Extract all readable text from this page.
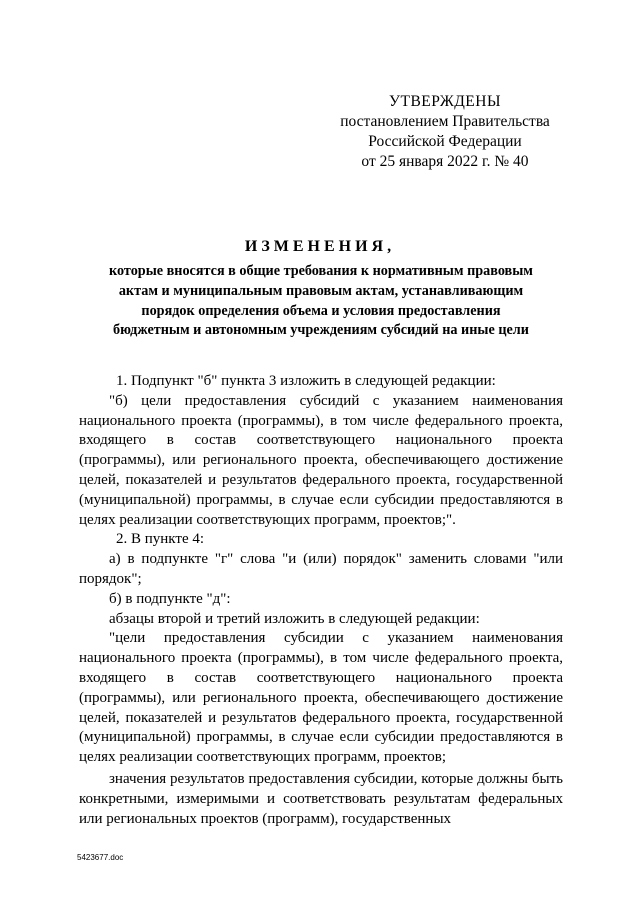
УТВЕРЖДЕНЫ
постановлением Правительства
Российской Федерации
от 25 января 2022 г. № 40
ИЗМЕНЕНИЯ,
которые вносятся в общие требования к нормативным правовым
актам и муниципальным правовым актам, устанавливающим
порядок определения объема и условия предоставления
бюджетным и автономным учреждениям субсидий на иные цели

1. Подпункт "б" пункта 3 изложить в следующей редакции:

"б) цели предоставления субсидий с указанием наименования национального проекта (программы), в том числе федерального проекта, входящего в состав соответствующего национального проекта (программы), или регионального проекта, обеспечивающего достижение целей, показателей и результатов федерального проекта, государственной (муниципальной) программы, в случае если субсидии предоставляются в целях реализации соответствующих программ, проектов;".

2. В пункте 4:

а) в подпункте "г" слова "и (или) порядок" заменить словами "или порядок";

б) в подпункте "д":

абзацы второй и третий изложить в следующей редакции:

"цели предоставления субсидии с указанием наименования национального проекта (программы), в том числе федерального проекта, входящего в состав соответствующего национального проекта (программы), или регионального проекта, обеспечивающего достижение целей, показателей и результатов федерального проекта, государственной (муниципальной) программы, в случае если субсидии предоставляются в целях реализации соответствующих программ, проектов;

значения результатов предоставления субсидии, которые должны быть конкретными, измеримыми и соответствовать результатам федеральных или региональных проектов (программ), государственных

5423677.doc
